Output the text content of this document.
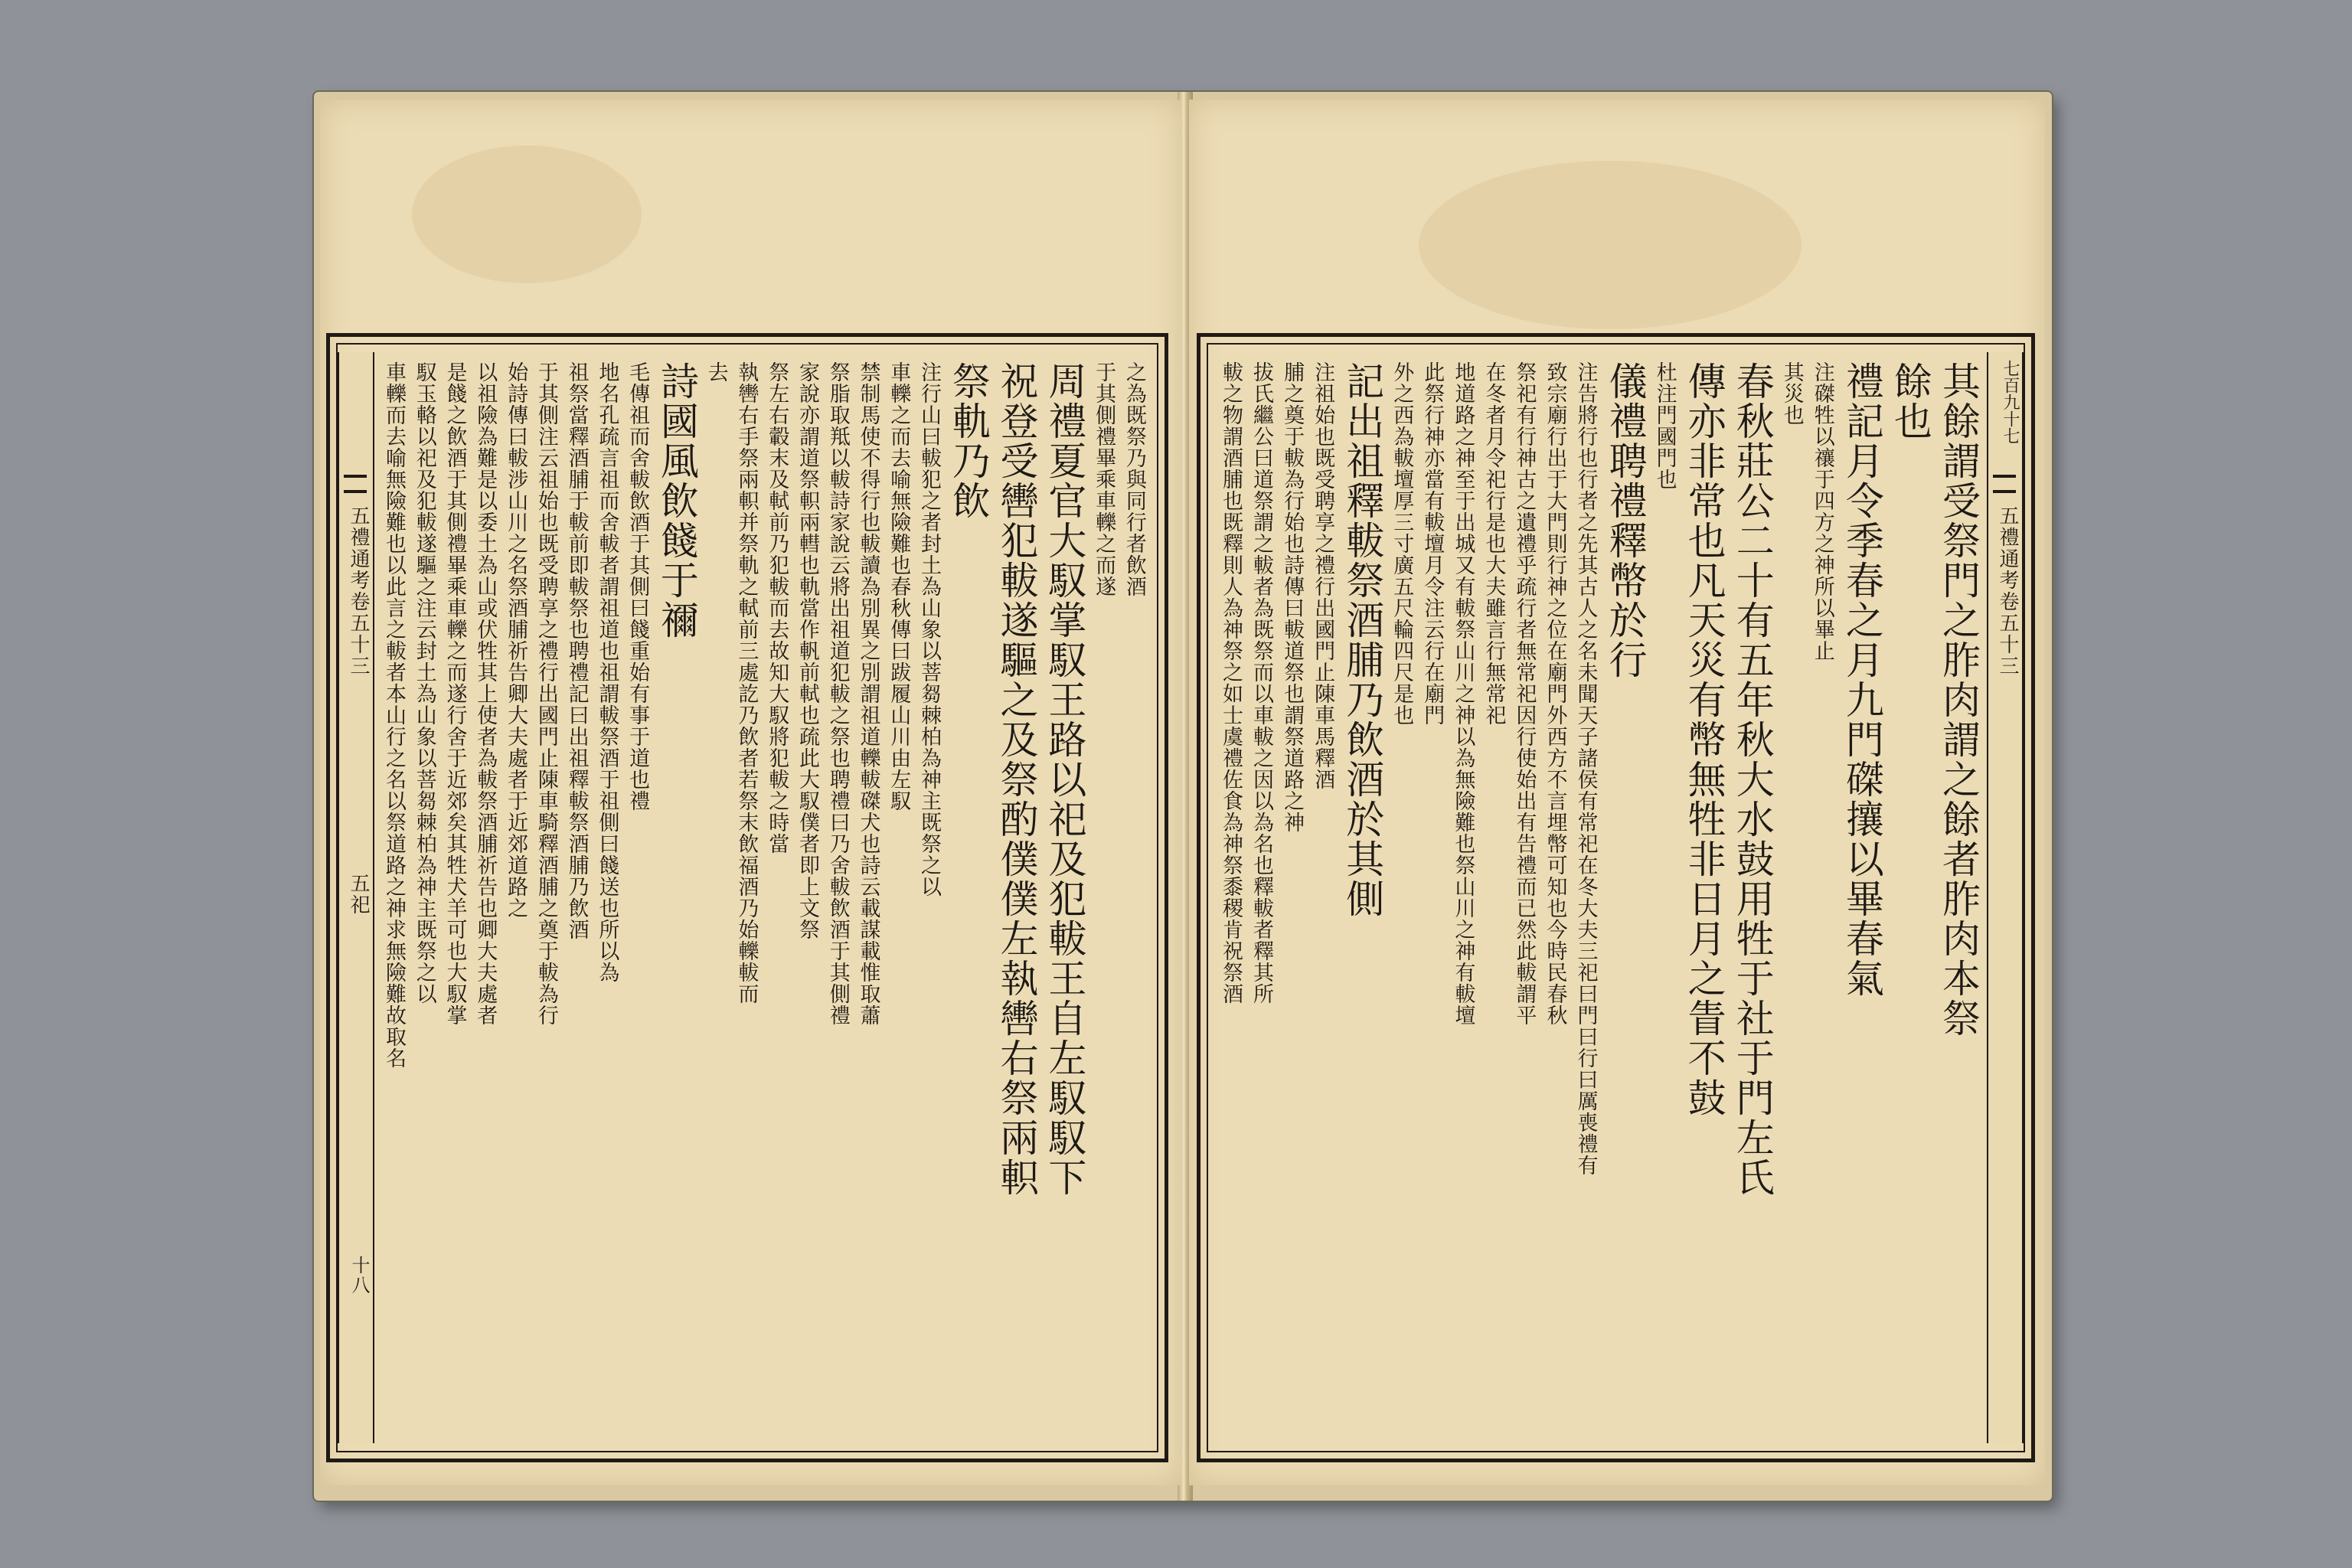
五禮通考卷五十三
五祀
十八
之為既祭乃與同行者飲酒
于其側禮畢乘車轢之而遂
周禮夏官大馭掌馭王路以祀及犯軷王自左馭馭下
祝登受轡犯軷遂驅之及祭酌僕僕左執轡右祭兩軹
祭軌乃飲
注行山曰軷犯之者封土為山象以菩芻棘柏為神主既祭之以
車轢之而去喻無險難也春秋傳曰跋履山川由左馭
禁制馬使不得行也軷讀為別異之別謂祖道轢軷磔犬也詩云載謀載惟取蕭
祭脂取羝以軷詩家說云將出祖道犯軷之祭也聘禮曰乃舍軷飲酒于其側禮
家說亦謂道祭軹兩轊也軌當作軓前軾也疏此大馭僕者即上文祭
祭左右轂末及軾前乃犯軷而去故知大馭將犯軷之時當
執轡右手祭兩軹并祭軌之軾前三處訖乃飲者若祭末飲福酒乃始轢軷而
去
詩國風飲餞于禰
毛傳祖而舍軷飲酒于其側曰餞重始有事于道也禮
地名孔疏言祖而舍軷者謂祖道也祖謂軷祭酒于祖側曰餞送也所以為
祖祭當釋酒脯于軷前即軷祭也聘禮記曰出祖釋軷祭酒脯乃飲酒
于其側注云祖始也既受聘享之禮行出國門止陳車騎釋酒脯之奠于軷為行
始詩傳曰軷涉山川之名祭酒脯祈告卿大夫處者于近郊道路之
以祖險為難是以委土為山或伏牲其上使者為軷祭酒脯祈告也卿大夫處者
是餞之飲酒于其側禮畢乘車轢之而遂行舍于近郊矣其牲犬羊可也大馭掌
馭玉輅以祀及犯軷遂驅之注云封土為山象以菩芻棘柏為神主既祭之以
車轢而去喻無險難也以此言之軷者本山行之名以祭道路之神求無險難故取名	七百九十七
五禮通考卷五十三
其餘謂受祭門之胙肉謂之餘者胙肉本祭
餘也
禮記月令季春之月九門磔攘以畢春氣
注磔牲以禳于四方之神所以畢止
其災也
春秋莊公二十有五年秋大水鼓用牲于社于門左氏
傳亦非常也凡天災有幣無牲非日月之眚不鼓
杜注門國門也
儀禮聘禮釋幣於行
注告將行也行者之先其古人之名未聞天子諸侯有常祀在冬大夫三祀曰門曰行曰厲喪禮有
致宗廟行出于大門則行神之位在廟門外西方不言埋幣可知也今時民春秋
祭祀有行神古之遺禮乎疏行者無常祀因行使始出有告禮而已然此軷謂平
在冬者月令祀行是也大夫雖言行無常祀
地道路之神至于出城又有軷祭山川之神以為無險難也祭山川之神有軷壇
此祭行神亦當有軷壇月令注云行在廟門
外之西為軷壇厚三寸廣五尺輪四尺是也
記出祖釋軷祭酒脯乃飲酒於其側
注祖始也既受聘享之禮行出國門止陳車馬釋酒
脯之奠于軷為行始也詩傳曰軷道祭也謂祭道路之神
拔氏繼公曰道祭謂之軷者為既祭而以車軷之因以為名也釋軷者釋其所
軷之物謂酒脯也既釋則人為神祭之如士虞禮佐食為神祭黍稷肯祝祭酒
